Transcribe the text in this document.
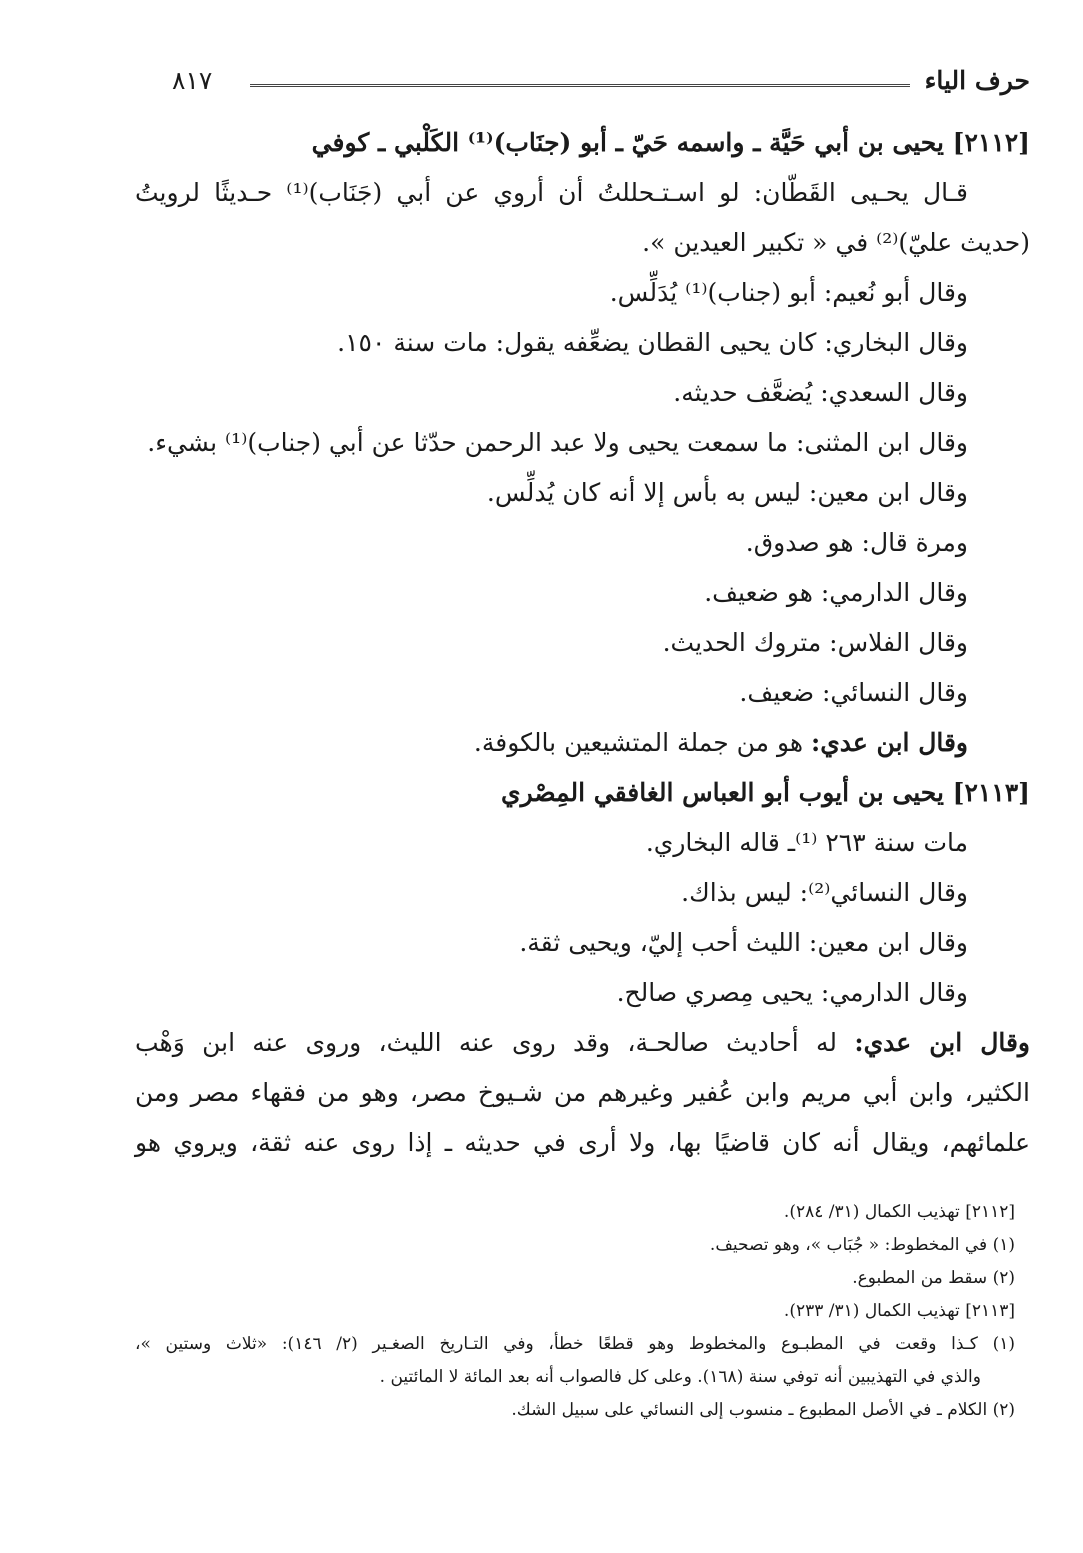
٨١٧	حرف الياء
[٢١١٢] يحيى بن أبي حَيَّة ـ واسمه حَيّ ـ أبو (جنَاب)⁽¹⁾ الكَلْبي ـ كوفي
قـال يحـيى القَطّان: لو اسـتـحللتُ أن أروي عن أبي (جَنَاب)⁽¹⁾ حـديثًا لرويتُ
(حديث عليّ)⁽²⁾ في « تكبير العيدين ».
وقال أبو نُعيم: أبو (جناب)⁽¹⁾ يُدَلِّس.
وقال البخاري: كان يحيى القطان يضعِّفه يقول: مات سنة ١٥٠.
وقال السعدي: يُضعَّف حديثه.
وقال ابن المثنى: ما سمعت يحيى ولا عبد الرحمن حدّثا عن أبي (جناب)⁽¹⁾ بشيء.
وقال ابن معين: ليس به بأس إلا أنه كان يُدلِّس.
ومرة قال: هو صدوق.
وقال الدارمي: هو ضعيف.
وقال الفلاس: متروك الحديث.
وقال النسائي: ضعيف.
وقال ابن عدي: هو من جملة المتشيعين بالكوفة.
[٢١١٣] يحيى بن أيوب أبو العباس الغافقي المِصْري
مات سنة ٢٦٣ ⁽¹⁾ـ قاله البخاري.
وقال النسائي⁽²⁾: ليس بذاك.
وقال ابن معين: الليث أحب إليّ، ويحيى ثقة.
وقال الدارمي: يحيى مِصري صالح.
وقال ابن عدي: له أحاديث صالحـة، وقد روى عنه الليث، وروى عنه ابن وَهْب
الكثير، وابن أبي مريم وابن عُفير وغيرهم من شـيوخ مصر، وهو من فقهاء مصر ومن
علمائهم، ويقال أنه كان قاضيًا بها، ولا أرى في حديثه ـ إذا روى عنه ثقة، ويروي هو
[٢١١٢] تهذيب الكمال (٣١/ ٢٨٤).
(١) في المخطوط: « جُبَاب »، وهو تصحيف.
(٢) سقط من المطبوع.
[٢١١٣] تهذيب الكمال (٣١/ ٢٣٣).
(١) كـذا وقعت في المطبـوع والمخطوط وهو قطعًا خطأ، وفي التـاريخ الصغـير (٢/ ١٤٦): «ثلاث وستين »،
والذي في التهذيبين أنه توفي سنة (١٦٨). وعلى كل فالصواب أنه بعد المائة لا المائتين .
(٢) الكلام ـ في الأصل المطبوع ـ منسوب إلى النسائي على سبيل الشك.
